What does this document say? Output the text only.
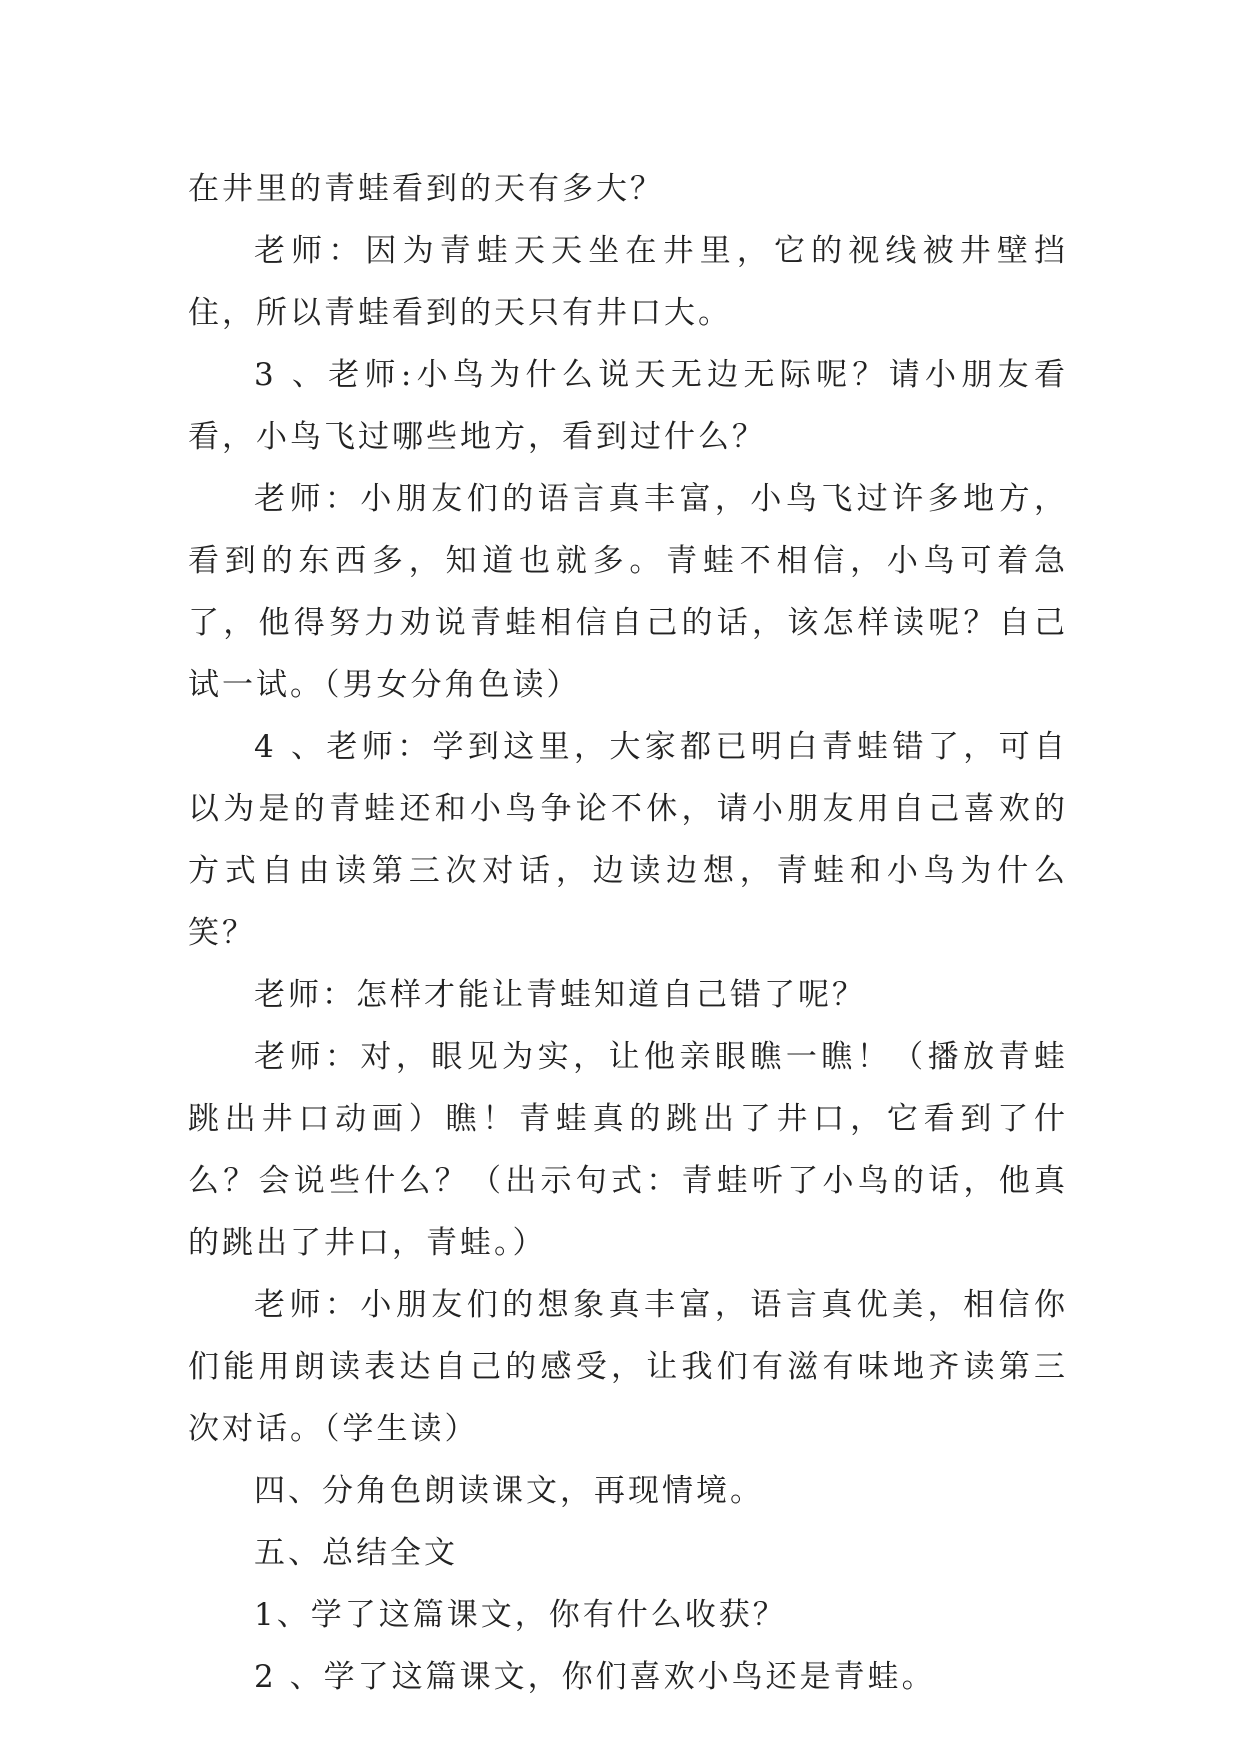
在井里的青蛙看到的天有多大？

老师：因为青蛙天天坐在井里，它的视线被井壁挡住，所以青蛙看到的天只有井口大。

3 、老师:小鸟为什么说天无边无际呢？请小朋友看看，小鸟飞过哪些地方，看到过什么？

老师：小朋友们的语言真丰富，小鸟飞过许多地方，看到的东西多，知道也就多。青蛙不相信，小鸟可着急了，他得努力劝说青蛙相信自己的话，该怎样读呢？自己试一试。（男女分角色读）

4 、老师：学到这里，大家都已明白青蛙错了，可自以为是的青蛙还和小鸟争论不休，请小朋友用自己喜欢的方式自由读第三次对话，边读边想，青蛙和小鸟为什么笑？

老师：怎样才能让青蛙知道自己错了呢？

老师：对，眼见为实，让他亲眼瞧一瞧！（播放青蛙跳出井口动画）瞧！青蛙真的跳出了井口，它看到了什么？会说些什么？（出示句式：青蛙听了小鸟的话，他真的跳出了井口，青蛙。）

老师：小朋友们的想象真丰富，语言真优美，相信你们能用朗读表达自己的感受，让我们有滋有味地齐读第三次对话。（学生读）

四、分角色朗读课文，再现情境。

五、总结全文

1、学了这篇课文，你有什么收获？

2 、学了这篇课文，你们喜欢小鸟还是青蛙。
